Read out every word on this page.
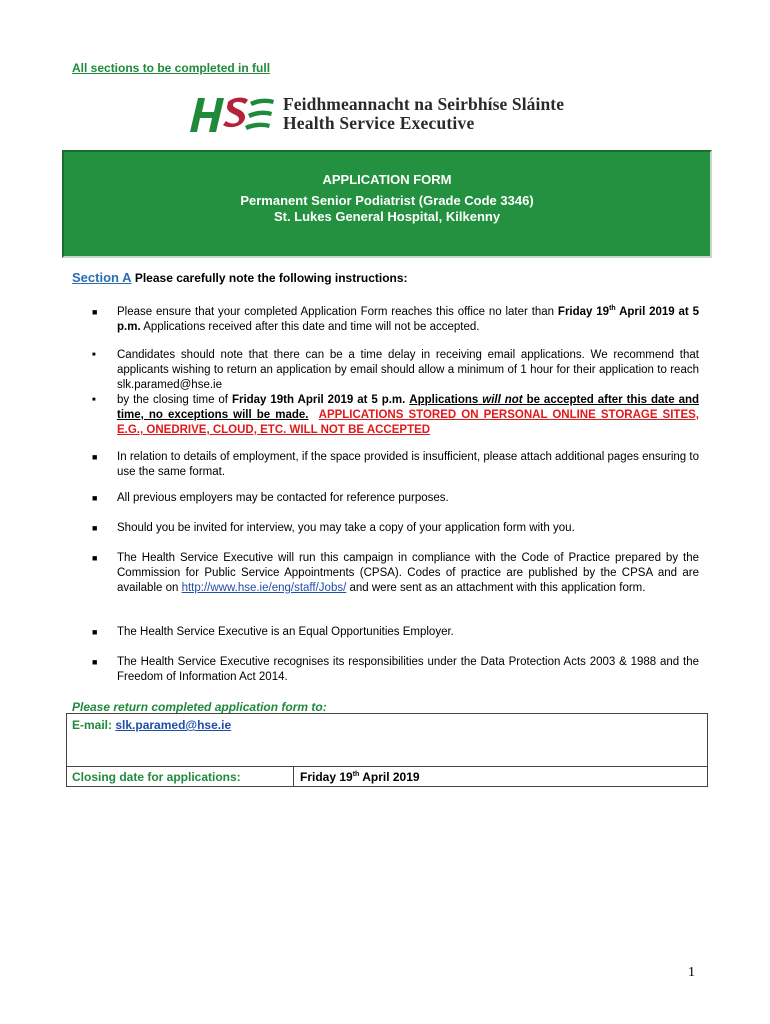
All sections to be completed in full
Feidhmeannacht na Seirbhíse Sláinte
Health Service Executive
APPLICATION FORM
Permanent Senior Podiatrist (Grade Code 3346)
St. Lukes General Hospital, Kilkenny
Section A Please carefully note the following instructions:
■ Please ensure that your completed Application Form reaches this office no later than Friday 19th April 2019 at 5 p.m. Applications received after this date and time will not be accepted.
■ Candidates should note that there can be a time delay in receiving email applications. We recommend that applicants wishing to return an application by email should allow a minimum of 1 hour for their application to reach slk.paramed@hse.ie
■ by the closing time of Friday 19th April 2019 at 5 p.m. Applications will not be accepted after this date and time, no exceptions will be made. APPLICATIONS STORED ON PERSONAL ONLINE STORAGE SITES, E.G., ONEDRIVE, CLOUD, ETC. WILL NOT BE ACCEPTED
■ In relation to details of employment, if the space provided is insufficient, please attach additional pages ensuring to use the same format.
■ All previous employers may be contacted for reference purposes.
■ Should you be invited for interview, you may take a copy of your application form with you.
■ The Health Service Executive will run this campaign in compliance with the Code of Practice prepared by the Commission for Public Service Appointments (CPSA). Codes of practice are published by the CPSA and are available on http://www.hse.ie/eng/staff/Jobs/ and were sent as an attachment with this application form.
■ The Health Service Executive is an Equal Opportunities Employer.
■ The Health Service Executive recognises its responsibilities under the Data Protection Acts 2003 & 1988 and the Freedom of Information Act 2014.
Please return completed application form to:
E-mail: slk.paramed@hse.ie
Closing date for applications:	Friday 19th April 2019
1
